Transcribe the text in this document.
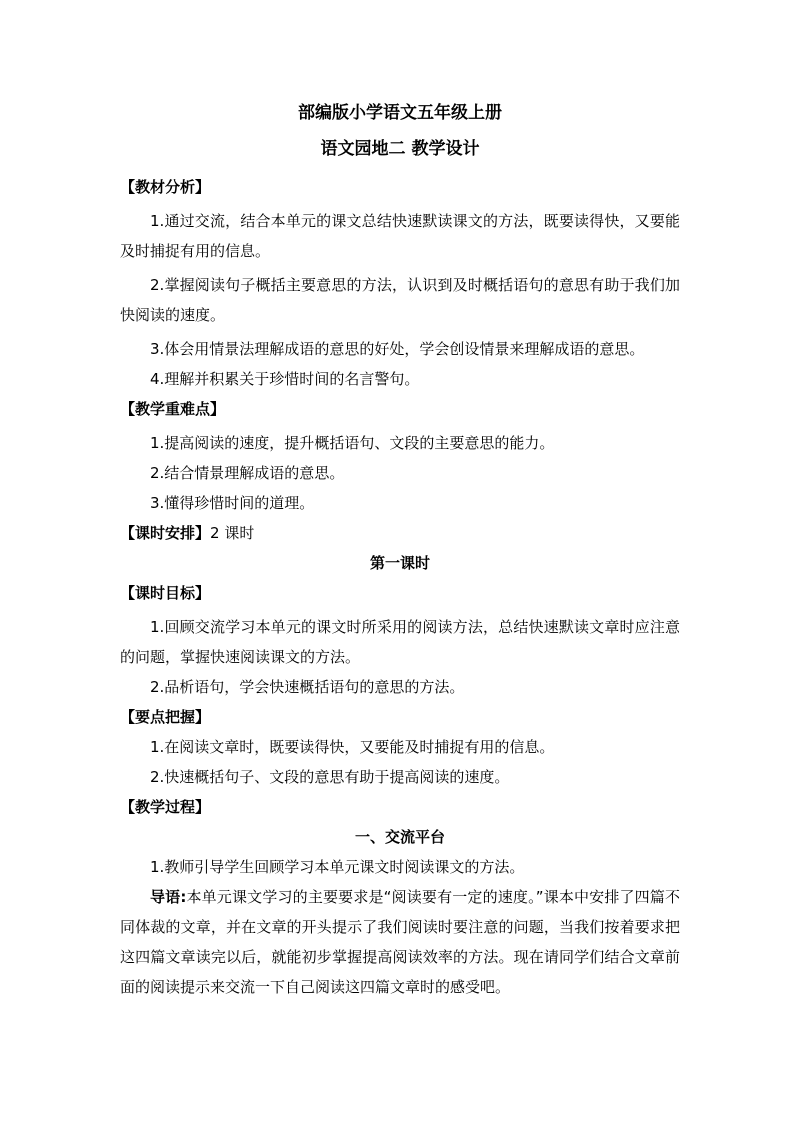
部编版小学语文五年级上册

语文园地二 教学设计

【教材分析】

1.通过交流，结合本单元的课文总结快速默读课文的方法，既要读得快，又要能及时捕捉有用的信息。

2.掌握阅读句子概括主要意思的方法，认识到及时概括语句的意思有助于我们加快阅读的速度。

3.体会用情景法理解成语的意思的好处，学会创设情景来理解成语的意思。

4.理解并积累关于珍惜时间的名言警句。

【教学重难点】

1.提高阅读的速度，提升概括语句、文段的主要意思的能力。

2.结合情景理解成语的意思。

3.懂得珍惜时间的道理。

【课时安排】2 课时

第一课时

【课时目标】

1.回顾交流学习本单元的课文时所采用的阅读方法，总结快速默读文章时应注意的问题，掌握快速阅读课文的方法。

2.品析语句，学会快速概括语句的意思的方法。

【要点把握】

1.在阅读文章时，既要读得快，又要能及时捕捉有用的信息。

2.快速概括句子、文段的意思有助于提高阅读的速度。

【教学过程】

一、交流平台

1.教师引导学生回顾学习本单元课文时阅读课文的方法。

导语:本单元课文学习的主要要求是“阅读要有一定的速度。”课本中安排了四篇不同体裁的文章，并在文章的开头提示了我们阅读时要注意的问题，当我们按着要求把这四篇文章读完以后，就能初步掌握提高阅读效率的方法。现在请同学们结合文章前面的阅读提示来交流一下自己阅读这四篇文章时的感受吧。
